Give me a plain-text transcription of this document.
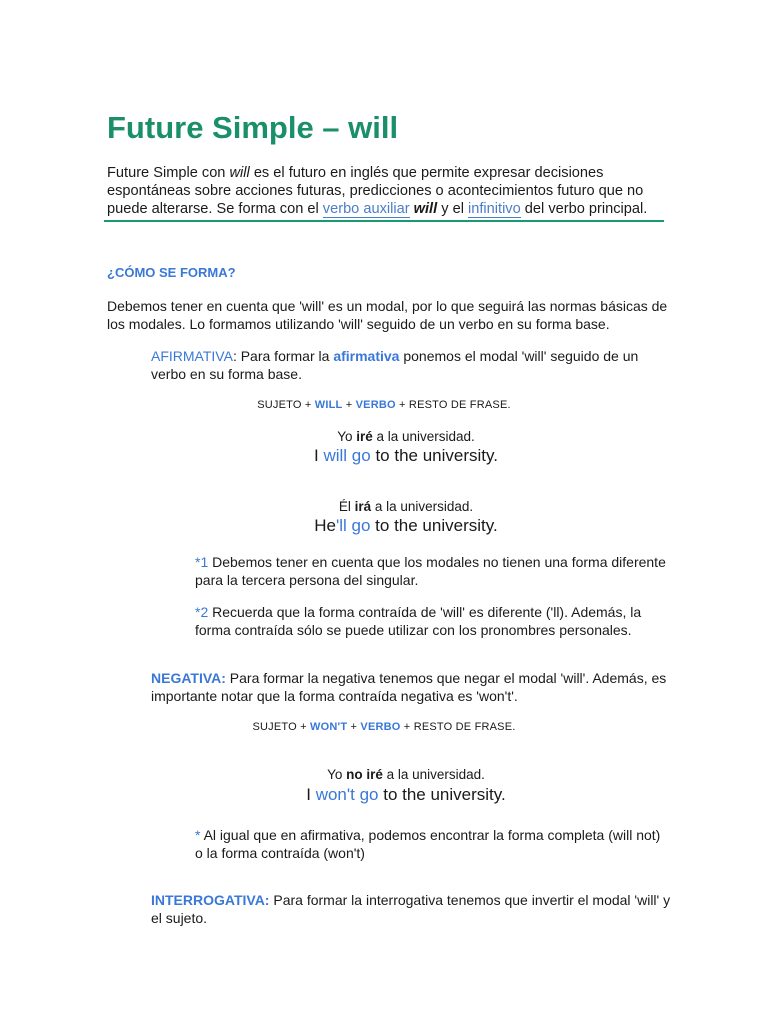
Future Simple – will
Future Simple con will es el futuro en inglés que permite expresar decisiones
espontáneas sobre acciones futuras, predicciones o acontecimientos futuro que no
puede alterarse. Se forma con el verbo auxiliar will y el infinitivo del verbo principal.
¿CÓMO SE FORMA?
Debemos tener en cuenta que 'will' es un modal, por lo que seguirá las normas básicas de
los modales. Lo formamos utilizando 'will' seguido de un verbo en su forma base.
AFIRMATIVA: Para formar la afirmativa ponemos el modal 'will' seguido de un
verbo en su forma base.
SUJETO + WILL + VERBO + RESTO DE FRASE.
Yo iré a la universidad.
I will go to the university.
Él irá a la universidad.
He'll go to the university.
*1 Debemos tener en cuenta que los modales no tienen una forma diferente
para la tercera persona del singular.
*2 Recuerda que la forma contraída de 'will' es diferente ('ll). Además, la
forma contraída sólo se puede utilizar con los pronombres personales.
NEGATIVA: Para formar la negativa tenemos que negar el modal 'will'. Además, es
importante notar que la forma contraída negativa es 'won't'.
SUJETO + WON'T + VERBO + RESTO DE FRASE.
Yo no iré a la universidad.
I won't go to the university.
* Al igual que en afirmativa, podemos encontrar la forma completa (will not)
o la forma contraída (won't)
INTERROGATIVA: Para formar la interrogativa tenemos que invertir el modal 'will' y
el sujeto.
